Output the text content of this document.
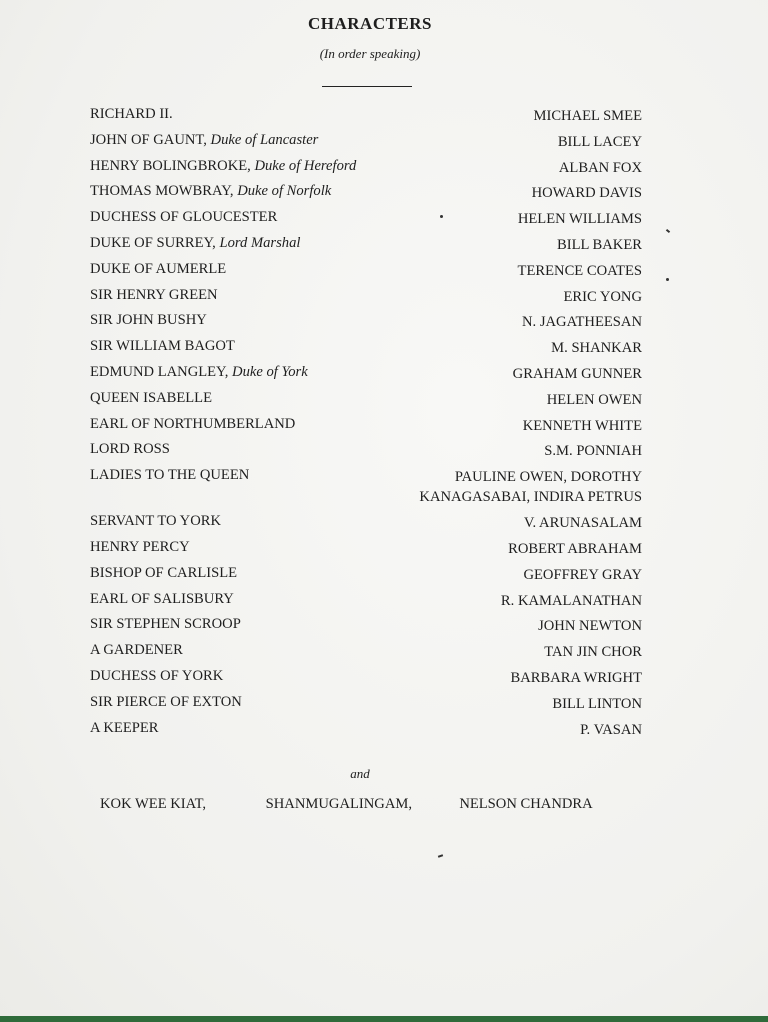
CHARACTERS
(In order speaking)
RICHARD II.	MICHAEL SMEE
JOHN OF GAUNT, Duke of Lancaster	BILL LACEY
HENRY BOLINGBROKE, Duke of Hereford	ALBAN FOX
THOMAS MOWBRAY, Duke of Norfolk	HOWARD DAVIS
DUCHESS OF GLOUCESTER	HELEN WILLIAMS
DUKE OF SURREY, Lord Marshal	BILL BAKER
DUKE OF AUMERLE	TERENCE COATES
SIR HENRY GREEN	ERIC YONG
SIR JOHN BUSHY	N. JAGATHEESAN
SIR WILLIAM BAGOT	M. SHANKAR
EDMUND LANGLEY, Duke of York	GRAHAM GUNNER
QUEEN ISABELLE	HELEN OWEN
EARL OF NORTHUMBERLAND	KENNETH WHITE
LORD ROSS	S.M. PONNIAH
LADIES TO THE QUEEN	PAULINE OWEN, DOROTHY
KANAGASABAI, INDIRA PETRUS
SERVANT TO YORK	V. ARUNASALAM
HENRY PERCY	ROBERT ABRAHAM
BISHOP OF CARLISLE	GEOFFREY GRAY
EARL OF SALISBURY	R. KAMALANATHAN
SIR STEPHEN SCROOP	JOHN NEWTON
A GARDENER	TAN JIN CHOR
DUCHESS OF YORK	BARBARA WRIGHT
SIR PIERCE OF EXTON	BILL LINTON
A KEEPER	P. VASAN
and
KOK WEE KIAT,	SHANMUGALINGAM,	NELSON CHANDRA
